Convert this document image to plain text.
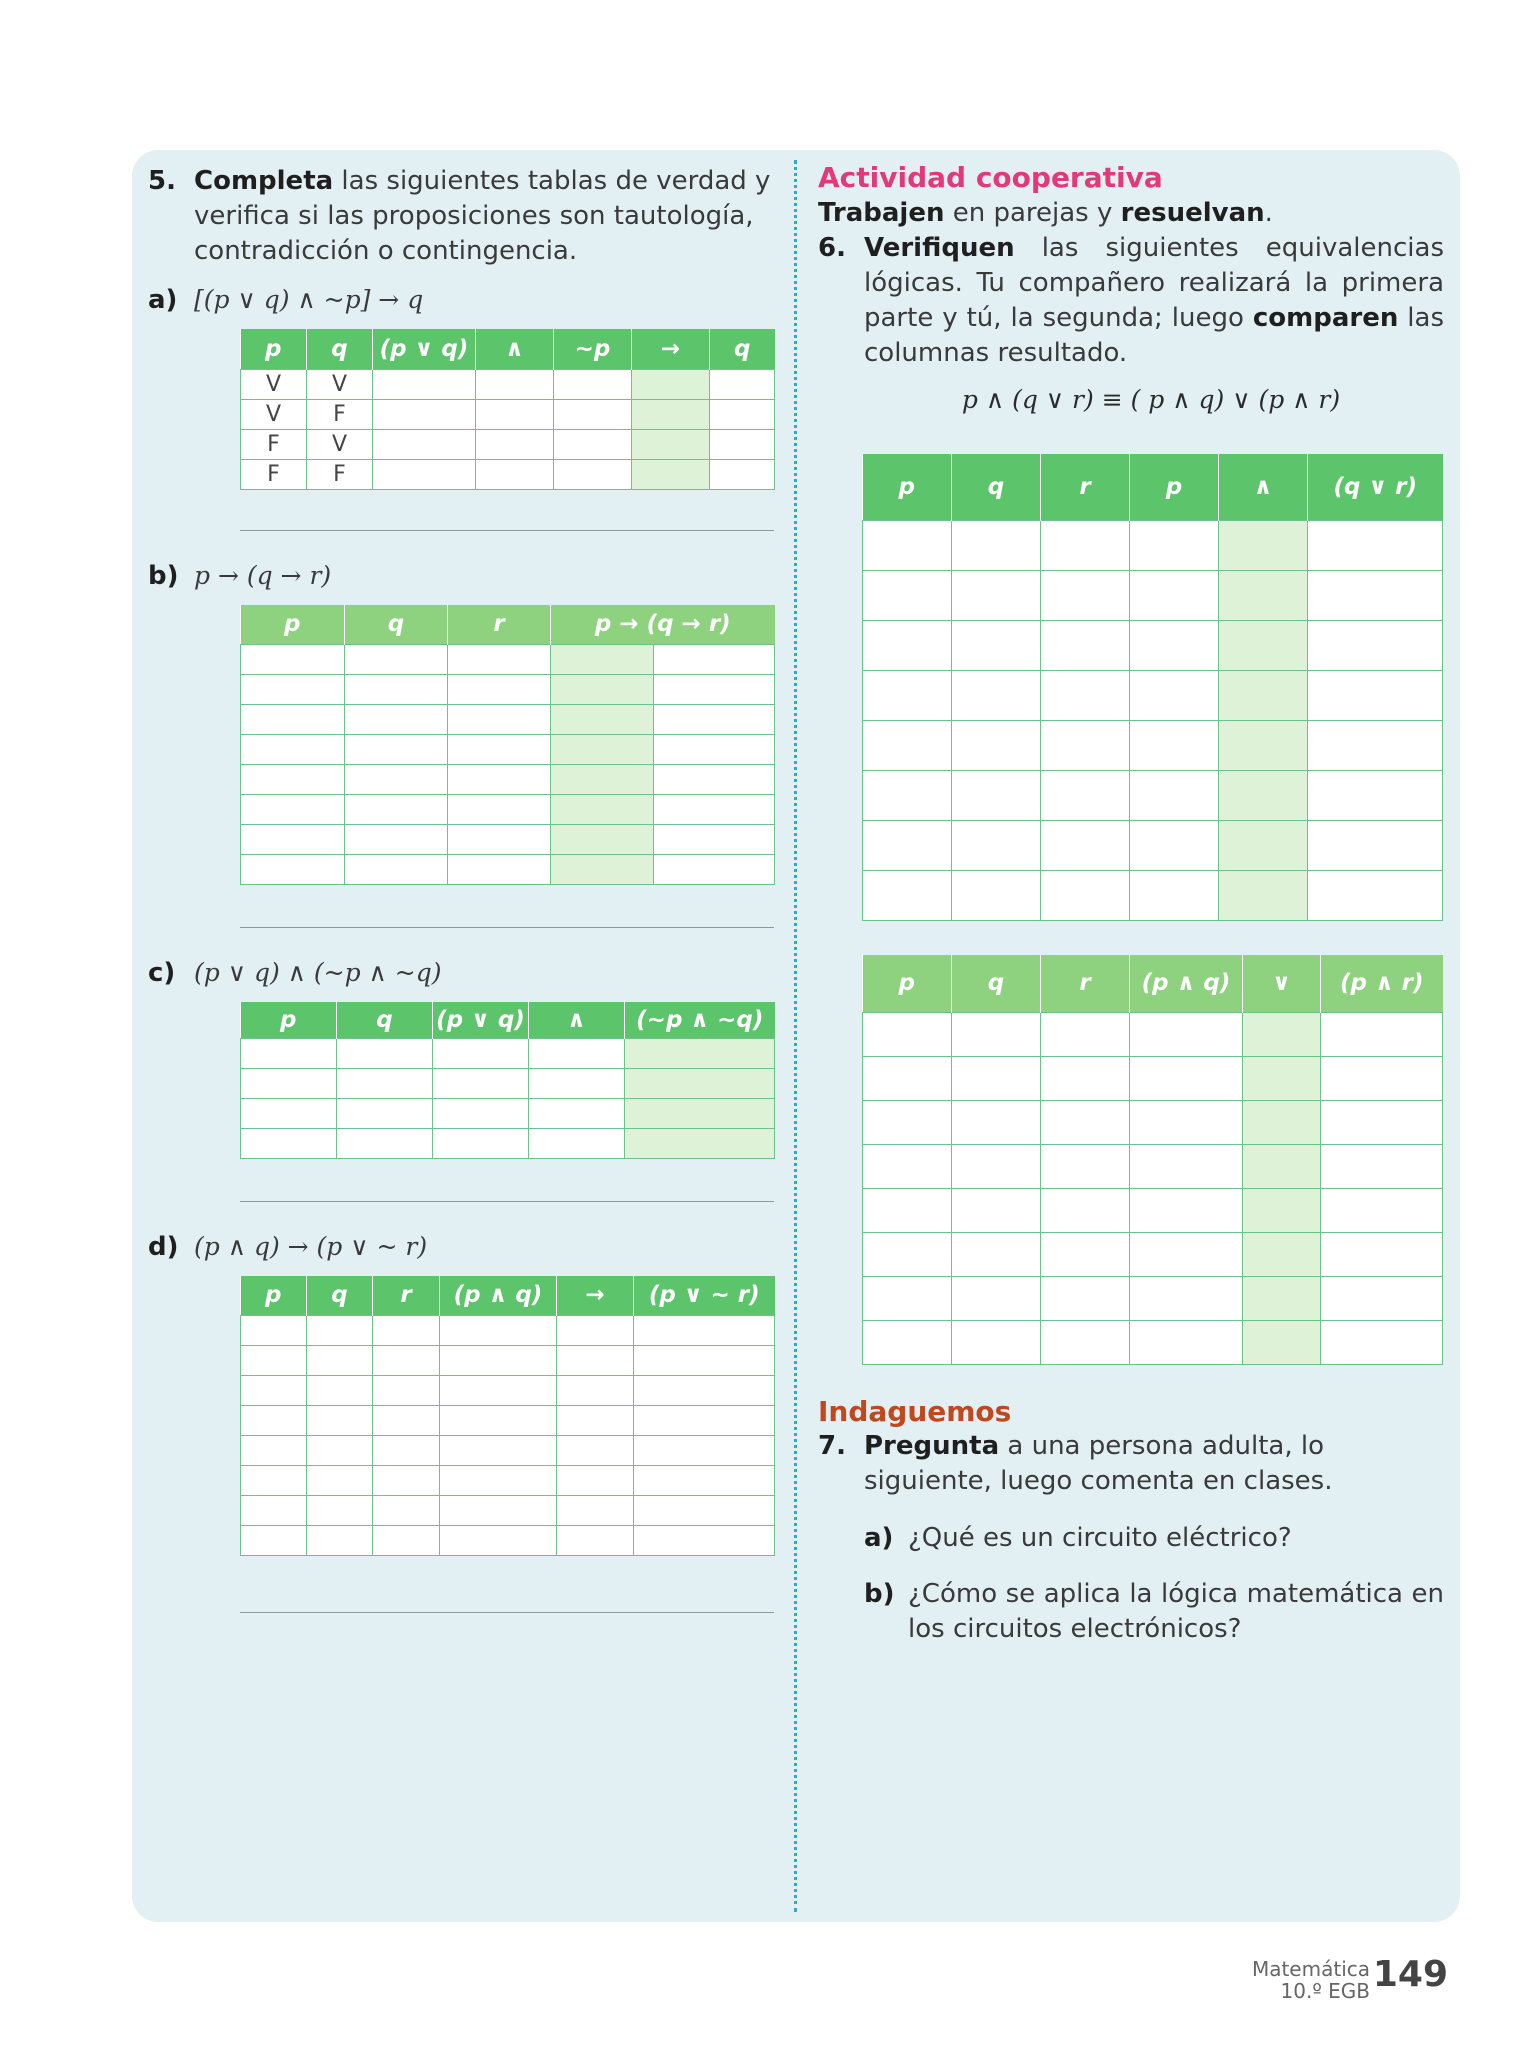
5. Completa las siguientes tablas de verdad y verifica si las proposiciones son tautología, contradicción o contingencia.
a) [(p ∨ q) ∧ ~p] → q
p	q	(p ∨ q)	∧	~p	→	q
V	V					
V	F					
F	V					
F	F					
b) p → (q → r)
p	q	r	p → (q → r)	

c) (p ∨ q) ∧ (~p ∧ ~q)
p	q	(p ∨ q)	∧	(~p ∧ ~q)

d) (p ∧ q) → (p ∨ ~ r)
p	q	r	(p ∧ q)	→	(p ∨ ~ r)

Actividad cooperativa
Trabajen en parejas y resuelvan.
6. Verifiquen las siguientes equivalencias lógicas. Tu compañero realizará la primera parte y tú, la segunda; luego comparen las columnas resultado.
p ∧ (q ∨ r) ≡ ( p ∧ q) ∨ (p ∧ r)
p	q	r	p	∧	(q ∨ r)

p	q	r	(p ∧ q)	∨	(p ∧ r)

Indaguemos
7. Pregunta a una persona adulta, lo siguiente, luego comenta en clases.
a) ¿Qué es un circuito eléctrico?
b) ¿Cómo se aplica la lógica matemática en los circuitos electrónicos?
Matemática
10.º EGB 149
